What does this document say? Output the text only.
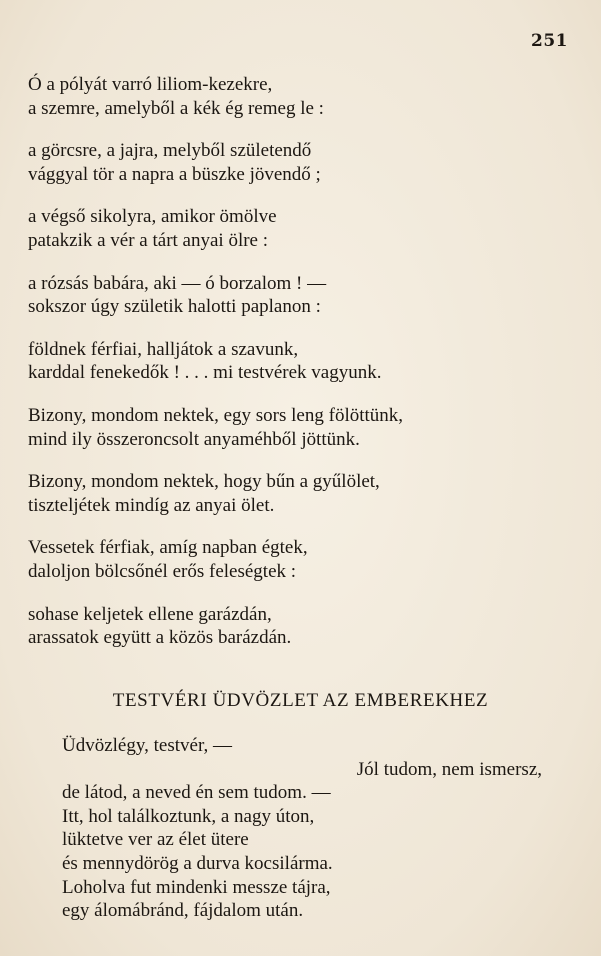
251
Ó a pólyát varró liliom-kezekre,
a szemre, amelyből a kék ég remeg le :
a görcsre, a jajra, melyből születendő
vággyal tör a napra a büszke jövendő ;
a végső sikolyra, amikor ömölve
patakzik a vér a tárt anyai ölre :
a rózsás babára, aki — ó borzalom ! —
sokszor úgy születik halotti paplanon :
földnek férfiai, halljátok a szavunk,
karddal fenekedők ! . . . mi testvérek vagyunk.
Bizony, mondom nektek, egy sors leng fölöttünk,
mind ily összeroncsolt anyaméhből jöttünk.
Bizony, mondom nektek, hogy bűn a gyűlölet,
tiszteljétek mindíg az anyai ölet.
Vessetek férfiak, amíg napban égtek,
daloljon bölcsőnél erős feleségtek :
sohase keljetek ellene garázdán,
arassatok együtt a közös barázdán.
TESTVÉRI ÜDVÖZLET AZ EMBEREKHEZ
Üdvözlégy, testvér, —
Jól tudom, nem ismersz,
de látod, a neved én sem tudom. —
Itt, hol találkoztunk, a nagy úton,
lüktetve ver az élet ütere
és mennydörög a durva kocsilárma.
Loholva fut mindenki messze tájra,
egy álomábránd, fájdalom után.
